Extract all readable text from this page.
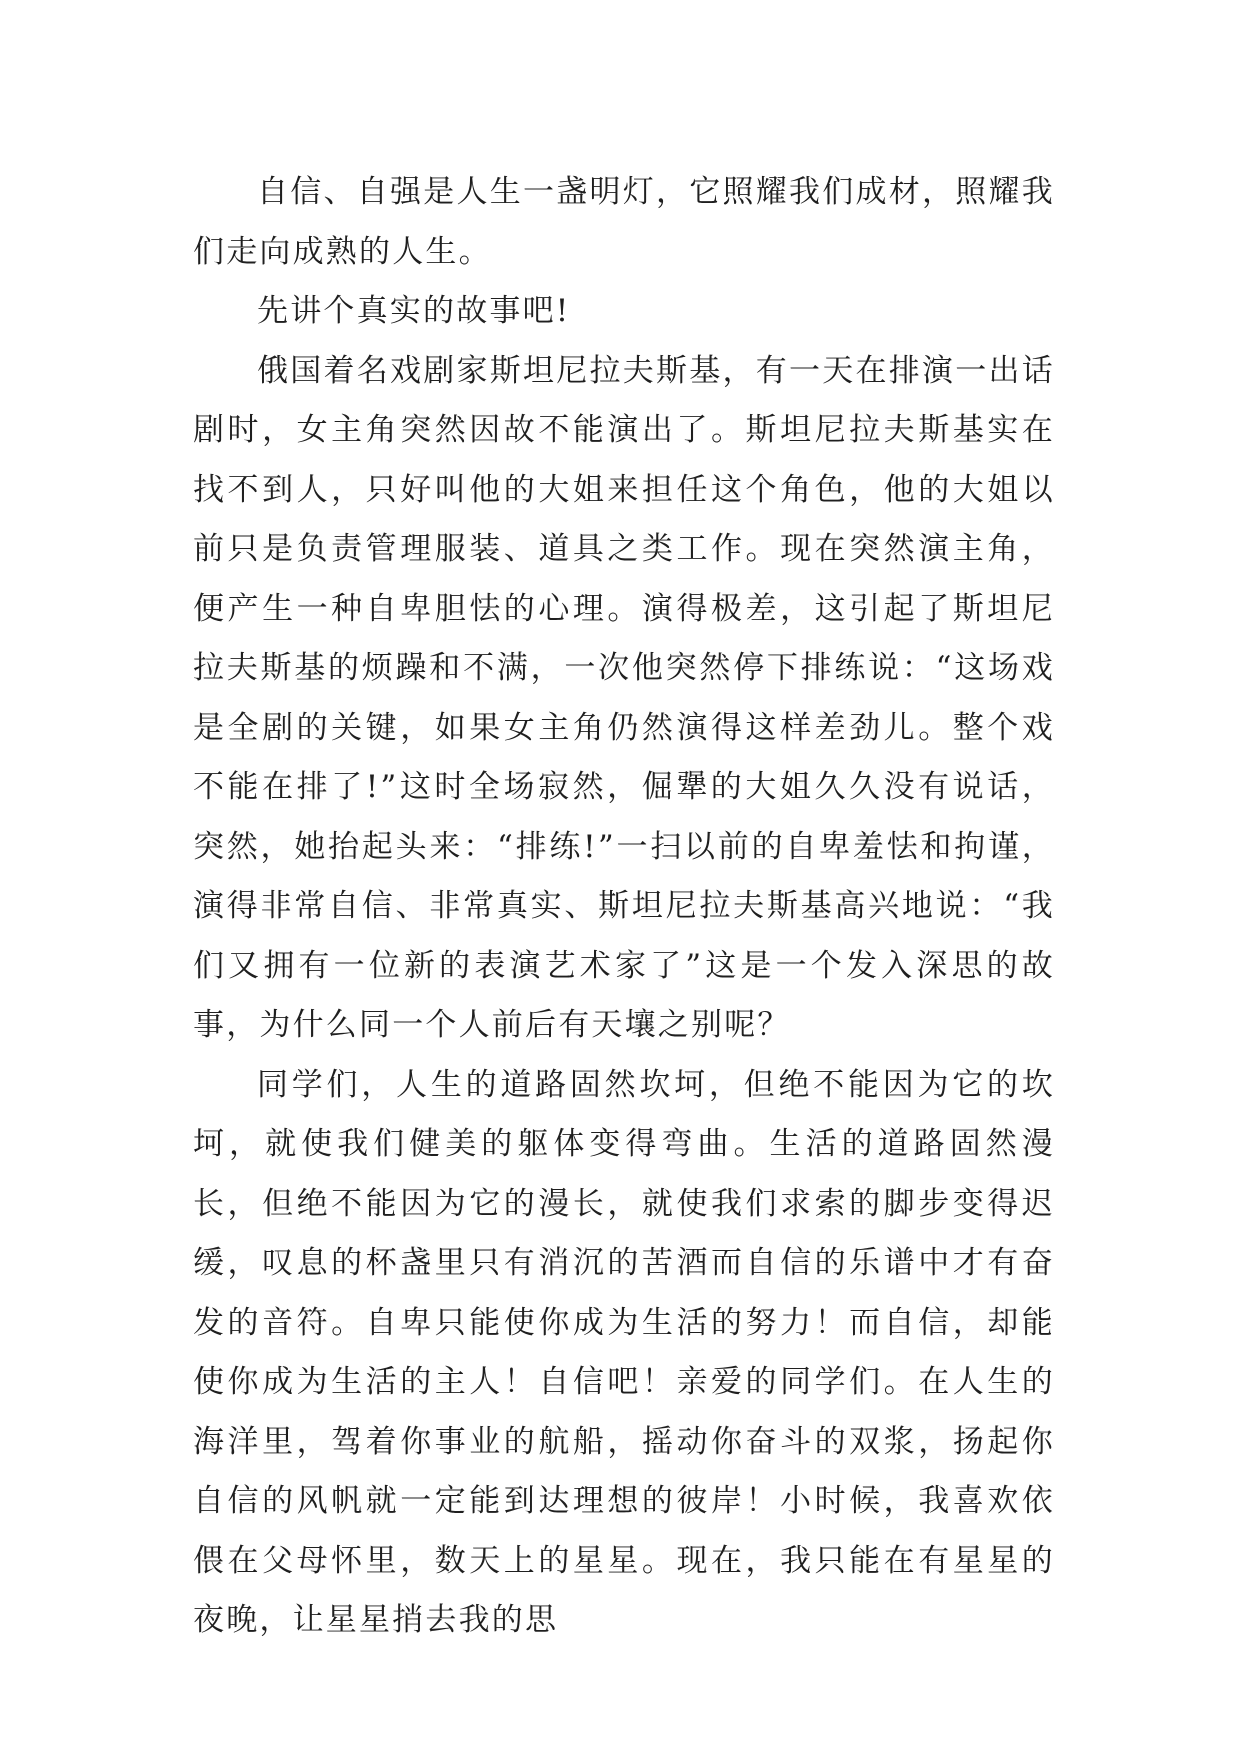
自信、自强是人生一盏明灯，它照耀我们成材，照耀我们走向成熟的人生。

先讲个真实的故事吧!

俄国着名戏剧家斯坦尼拉夫斯基，有一天在排演一出话剧时，女主角突然因故不能演出了。斯坦尼拉夫斯基实在找不到人，只好叫他的大姐来担任这个角色，他的大姐以前只是负责管理服装、道具之类工作。现在突然演主角，便产生一种自卑胆怯的心理。演得极差，这引起了斯坦尼拉夫斯基的烦躁和不满，一次他突然停下排练说：“这场戏是全剧的关键，如果女主角仍然演得这样差劲儿。整个戏不能在排了!”这时全场寂然，倔犟的大姐久久没有说话，突然，她抬起头来：“排练!”一扫以前的自卑羞怯和拘谨，演得非常自信、非常真实、斯坦尼拉夫斯基高兴地说：“我们又拥有一位新的表演艺术家了”这是一个发入深思的故事，为什么同一个人前后有天壤之别呢？

同学们，人生的道路固然坎坷，但绝不能因为它的坎坷，就使我们健美的躯体变得弯曲。生活的道路固然漫长，但绝不能因为它的漫长，就使我们求索的脚步变得迟缓，叹息的杯盏里只有消沉的苦酒而自信的乐谱中才有奋发的音符。自卑只能使你成为生活的努力！而自信，却能使你成为生活的主人！自信吧！亲爱的同学们。在人生的海洋里，驾着你事业的航船，摇动你奋斗的双浆，扬起你自信的风帆就一定能到达理想的彼岸！小时候，我喜欢依偎在父母怀里，数天上的星星。现在，我只能在有星星的夜晚，让星星捎去我的思
